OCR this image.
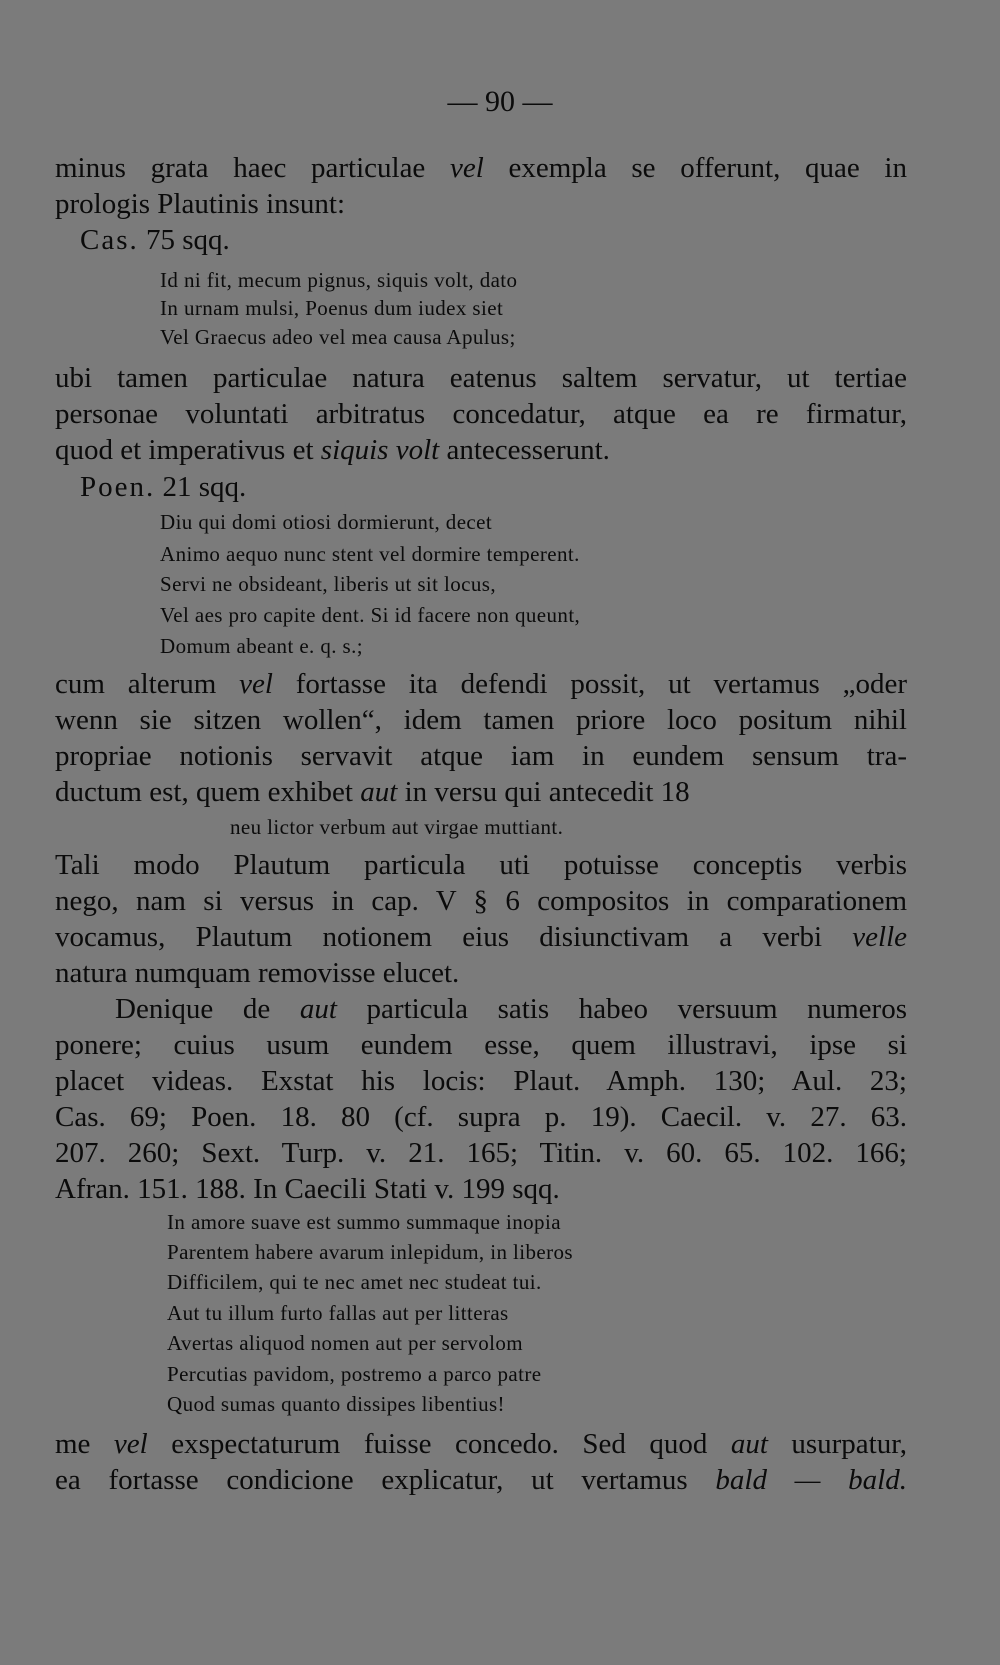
— 90 —
minus grata haec particulae vel exempla se offerunt, quae in
prologis Plautinis insunt:
Cas. 75 sqq.
Id ni fit, mecum pignus, siquis volt, dato
In urnam mulsi, Poenus dum iudex siet
Vel Graecus adeo vel mea causa Apulus;
ubi tamen particulae natura eatenus saltem servatur, ut tertiae
personae voluntati arbitratus concedatur, atque ea re firmatur,
quod et imperativus et siquis volt antecesserunt.
Poen. 21 sqq.
Diu qui domi otiosi dormierunt, decet
Animo aequo nunc stent vel dormire temperent.
Servi ne obsideant, liberis ut sit locus,
Vel aes pro capite dent. Si id facere non queunt,
Domum abeant e. q. s.;
cum alterum vel fortasse ita defendi possit, ut vertamus „oder
wenn sie sitzen wollen“, idem tamen priore loco positum nihil
propriae notionis servavit atque iam in eundem sensum tra-
ductum est, quem exhibet aut in versu qui antecedit 18
neu lictor verbum aut virgae muttiant.
Tali modo Plautum particula uti potuisse conceptis verbis
nego, nam si versus in cap. V § 6 compositos in comparationem
vocamus, Plautum notionem eius disiunctivam a verbi velle
natura numquam removisse elucet.
Denique de aut particula satis habeo versuum numeros
ponere; cuius usum eundem esse, quem illustravi, ipse si
placet videas. Exstat his locis: Plaut. Amph. 130; Aul. 23;
Cas. 69; Poen. 18. 80 (cf. supra p. 19). Caecil. v. 27. 63.
207. 260; Sext. Turp. v. 21. 165; Titin. v. 60. 65. 102. 166;
Afran. 151. 188. In Caecili Stati v. 199 sqq.
In amore suave est summo summaque inopia
Parentem habere avarum inlepidum, in liberos
Difficilem, qui te nec amet nec studeat tui.
Aut tu illum furto fallas aut per litteras
Avertas aliquod nomen aut per servolom
Percutias pavidom, postremo a parco patre
Quod sumas quanto dissipes libentius!
me vel exspectaturum fuisse concedo. Sed quod aut usurpatur,
ea fortasse condicione explicatur, ut vertamus bald — bald.
